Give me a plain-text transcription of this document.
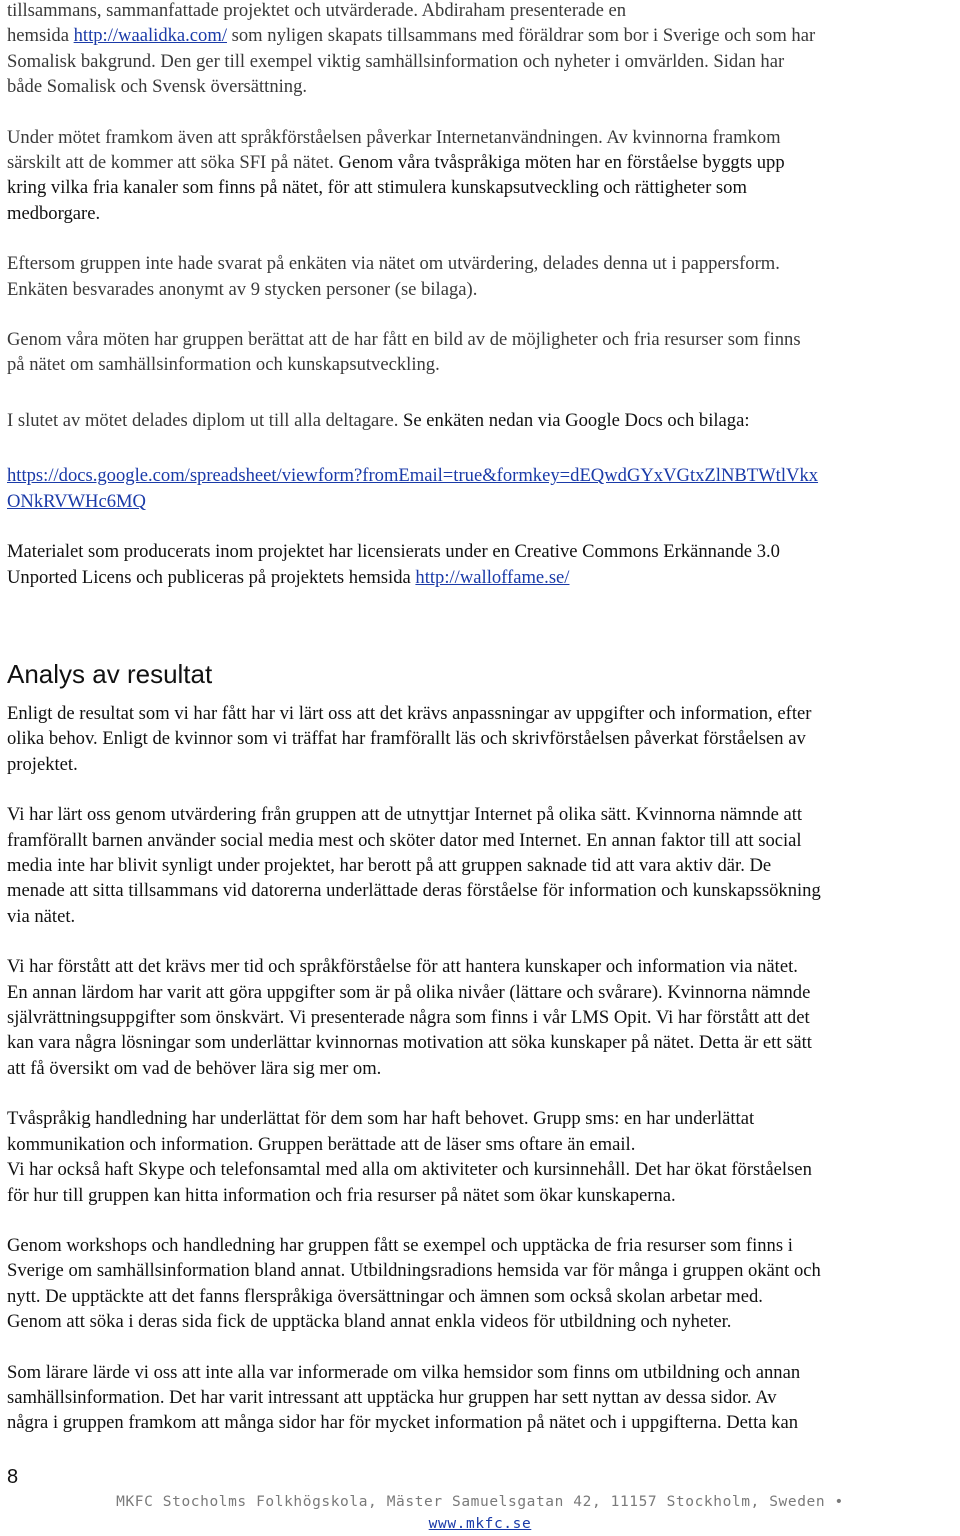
tillsammans, sammanfattade projektet och utvärderade. Abdiraham presenterade en
hemsida http://waalidka.com/ som nyligen skapats tillsammans med föräldrar som bor i Sverige och som har
Somalisk bakgrund. Den ger till exempel viktig samhällsinformation och nyheter i omvärlden. Sidan har
både Somalisk och Svensk översättning.

Under mötet framkom även att språkförståelsen påverkar Internetanvändningen. Av kvinnorna framkom
särskilt att de kommer att söka SFI på nätet. Genom våra tvåspråkiga möten har en förståelse byggts upp
kring vilka fria kanaler som finns på nätet, för att stimulera kunskapsutveckling och rättigheter som
medborgare.

Eftersom gruppen inte hade svarat på enkäten via nätet om utvärdering, delades denna ut i pappersform.
Enkäten besvarades anonymt av 9 stycken personer (se bilaga).

Genom våra möten har gruppen berättat att de har fått en bild av de möjligheter och fria resurser som finns
på nätet om samhällsinformation och kunskapsutveckling.

I slutet av mötet delades diplom ut till alla deltagare. Se enkäten nedan via Google Docs och bilaga:

https://docs.google.com/spreadsheet/viewform?fromEmail=true&formkey=dEQwdGYxVGtxZlNBTWtlVkx
ONkRVWHc6MQ

Materialet som producerats inom projektet har licensierats under en Creative Commons Erkännande 3.0
Unported Licens och publiceras på projektets hemsida http://walloffame.se/

Analys av resultat

Enligt de resultat som vi har fått har vi lärt oss att det krävs anpassningar av uppgifter och information, efter
olika behov. Enligt de kvinnor som vi träffat har framförallt läs och skrivförståelsen påverkat förståelsen av
projektet.

Vi har lärt oss genom utvärdering från gruppen att de utnyttjar Internet på olika sätt. Kvinnorna nämnde att
framförallt barnen använder social media mest och sköter dator med Internet. En annan faktor till att social
media inte har blivit synligt under projektet, har berott på att gruppen saknade tid att vara aktiv där. De
menade att sitta tillsammans vid datorerna underlättade deras förståelse för information och kunskapssökning
via nätet.

Vi har förstått att det krävs mer tid och språkförståelse för att hantera kunskaper och information via nätet.
En annan lärdom har varit att göra uppgifter som är på olika nivåer (lättare och svårare). Kvinnorna nämnde
självrättningsuppgifter som önskvärt. Vi presenterade några som finns i vår LMS Opit. Vi har förstått att det
kan vara några lösningar som underlättar kvinnornas motivation att söka kunskaper på nätet. Detta är ett sätt
att få översikt om vad de behöver lära sig mer om.

Tvåspråkig handledning har underlättat för dem som har haft behovet. Grupp sms: en har underlättat
kommunikation och information. Gruppen berättade att de läser sms oftare än email.
Vi har också haft Skype och telefonsamtal med alla om aktiviteter och kursinnehåll. Det har ökat förståelsen
för hur till gruppen kan hitta information och fria resurser på nätet som ökar kunskaperna.

Genom workshops och handledning har gruppen fått se exempel och upptäcka de fria resurser som finns i
Sverige om samhällsinformation bland annat. Utbildningsradions hemsida var för många i gruppen okänt och
nytt. De upptäckte att det fanns flerspråkiga översättningar och ämnen som också skolan arbetar med.
Genom att söka i deras sida fick de upptäcka bland annat enkla videos för utbildning och nyheter.

Som lärare lärde vi oss att inte alla var informerade om vilka hemsidor som finns om utbildning och annan
samhällsinformation. Det har varit intressant att upptäcka hur gruppen har sett nyttan av dessa sidor. Av
några i gruppen framkom att många sidor har för mycket information på nätet och i uppgifterna. Detta kan

8
MKFC Stocholms Folkhögskola, Mäster Samuelsgatan 42, 11157 Stockholm, Sweden •
www.mkfc.se
